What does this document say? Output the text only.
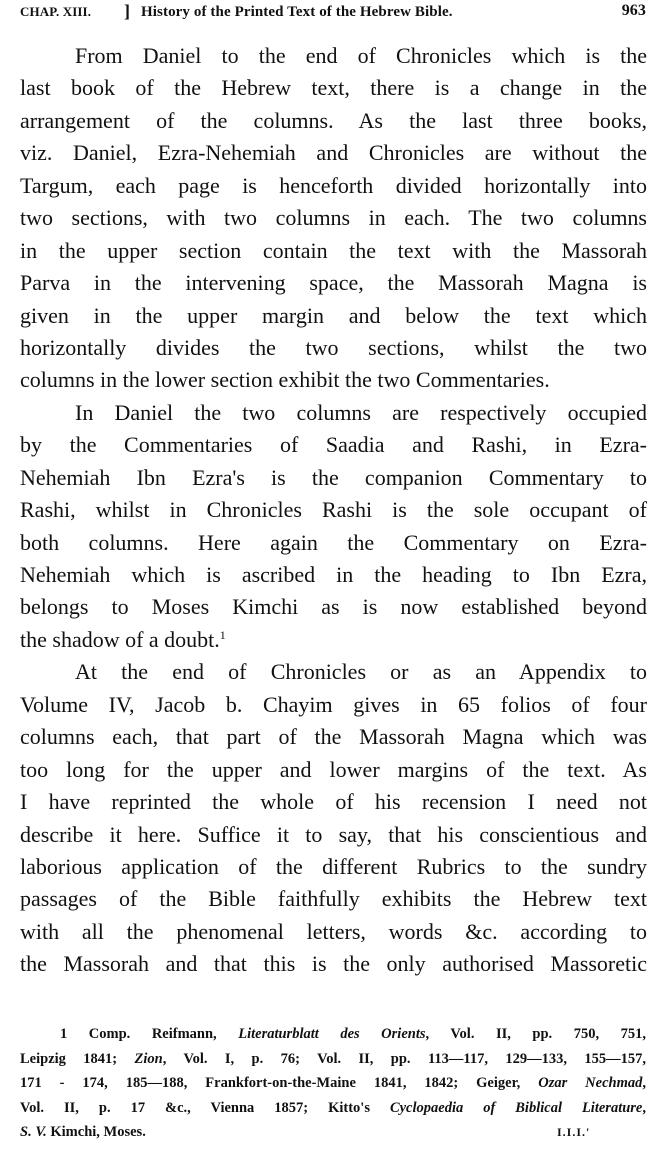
CHAP. XIII. ] History of the Printed Text of the Hebrew Bible.	963
From Daniel to the end of Chronicles which is the
last book of the Hebrew text, there is a change in the
arrangement of the columns. As the last three books,
viz. Daniel, Ezra-Nehemiah and Chronicles are without the
Targum, each page is henceforth divided horizontally into
two sections, with two columns in each. The two columns
in the upper section contain the text with the Massorah
Parva in the intervening space, the Massorah Magna is
given in the upper margin and below the text which
horizontally divides the two sections, whilst the two
columns in the lower section exhibit the two Commentaries.
In Daniel the two columns are respectively occupied
by the Commentaries of Saadia and Rashi, in Ezra-
Nehemiah Ibn Ezra's is the companion Commentary to
Rashi, whilst in Chronicles Rashi is the sole occupant of
both columns. Here again the Commentary on Ezra-
Nehemiah which is ascribed in the heading to Ibn Ezra,
belongs to Moses Kimchi as is now established beyond
the shadow of a doubt.$^1$
At the end of Chronicles or as an Appendix to
Volume IV, Jacob b. Chayim gives in 65 folios of four
columns each, that part of the Massorah Magna which was
too long for the upper and lower margins of the text. As
I have reprinted the whole of his recension I need not
describe it here. Suffice it to say, that his conscientious and
laborious application of the different Rubrics to the sundry
passages of the Bible faithfully exhibits the Hebrew text
with all the phenomenal letters, words &c. according to
the Massorah and that this is the only authorised Massoretic
1 Comp. Reifmann, Literaturblatt des Orients, Vol. II, pp. 750, 751,
Leipzig 1841; Zion, Vol. I, p. 76; Vol. II, pp. 113—117, 129—133, 155—157,
171 - 174, 185—188, Frankfort-on-the-Maine 1841, 1842; Geiger, Ozar Nechmad,
Vol. II, p. 17 &c., Vienna 1857; Kitto's Cyclopaedia of Biblical Literature,
S. V. Kimchi, Moses.	I.I.I.'
